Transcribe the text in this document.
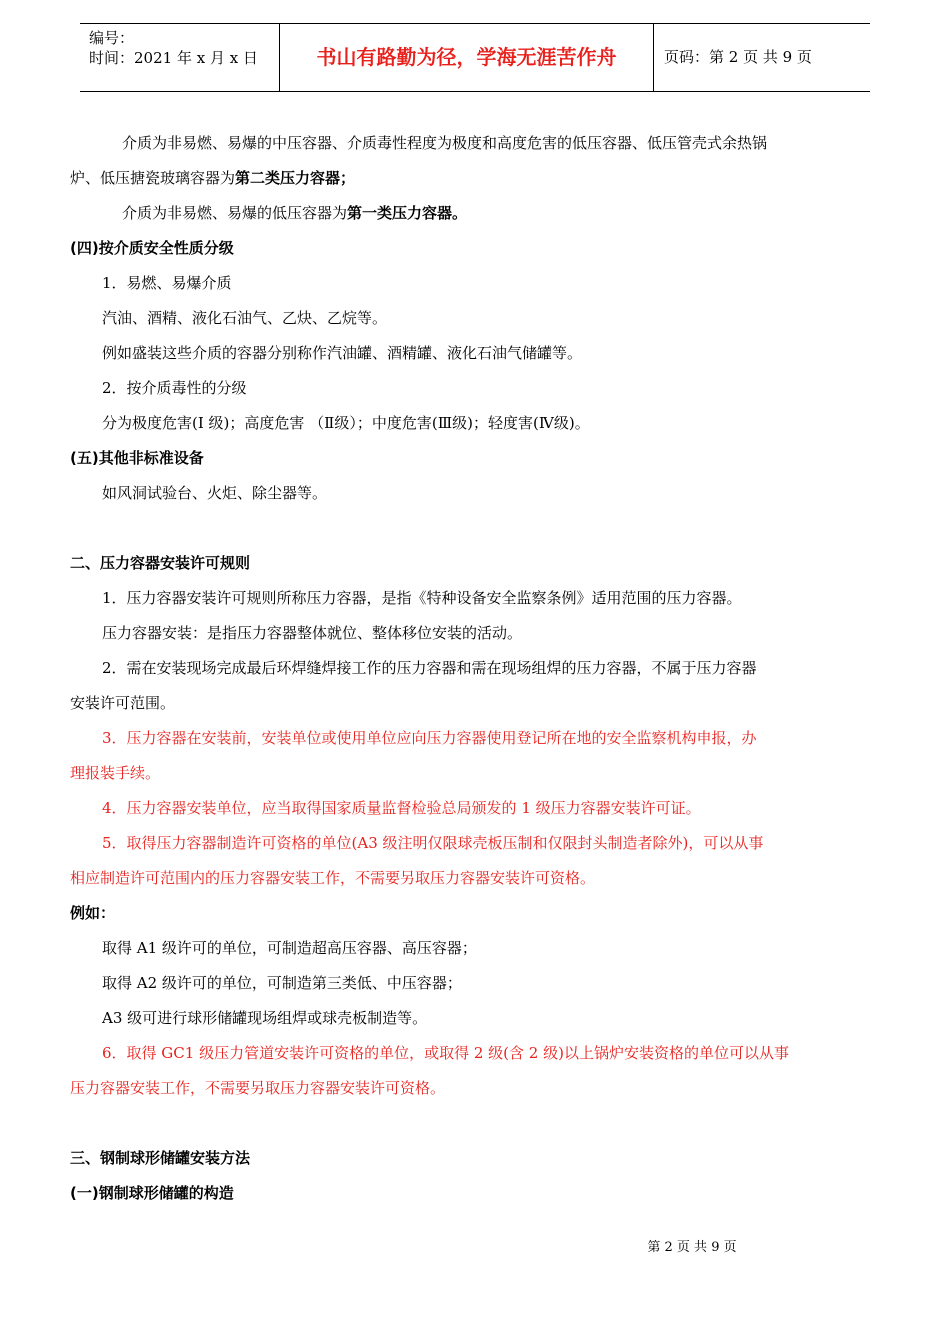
编号：
时间：2021 年 x 月 x 日	书山有路勤为径，学海无涯苦作舟	页码：第 2 页 共 9 页
介质为非易燃、易爆的中压容器、介质毒性程度为极度和高度危害的低压容器、低压管壳式余热锅
炉、低压搪瓷玻璃容器为第二类压力容器；
介质为非易燃、易爆的低压容器为第一类压力容器。
(四)按介质安全性质分级
1．易燃、易爆介质
汽油、酒精、液化石油气、乙炔、乙烷等。
例如盛装这些介质的容器分别称作汽油罐、酒精罐、液化石油气储罐等。
2．按介质毒性的分级
分为极度危害(Ⅰ 级)；高度危害 （Ⅱ级）；中度危害(Ⅲ级)；轻度害(Ⅳ级)。
(五)其他非标准设备
如风洞试验台、火炬、除尘器等。
二、压力容器安装许可规则
1．压力容器安装许可规则所称压力容器，是指《特种设备安全监察条例》适用范围的压力容器。
压力容器安装：是指压力容器整体就位、整体移位安装的活动。
2．需在安装现场完成最后环焊缝焊接工作的压力容器和需在现场组焊的压力容器，不属于压力容器
安装许可范围。
3．压力容器在安装前，安装单位或使用单位应向压力容器使用登记所在地的安全监察机构申报，办
理报装手续。
4．压力容器安装单位，应当取得国家质量监督检验总局颁发的 1 级压力容器安装许可证。
5．取得压力容器制造许可资格的单位(A3 级注明仅限球壳板压制和仅限封头制造者除外)，可以从事
相应制造许可范围内的压力容器安装工作，不需要另取压力容器安装许可资格。
例如：
取得 A1 级许可的单位，可制造超高压容器、高压容器；
取得 A2 级许可的单位，可制造第三类低、中压容器；
A3 级可进行球形储罐现场组焊或球壳板制造等。
6．取得 GC1 级压力管道安装许可资格的单位，或取得 2 级(含 2 级)以上锅炉安装资格的单位可以从事
压力容器安装工作，不需要另取压力容器安装许可资格。
三、钢制球形储罐安装方法
(一)钢制球形储罐的构造
第 2 页 共 9 页
